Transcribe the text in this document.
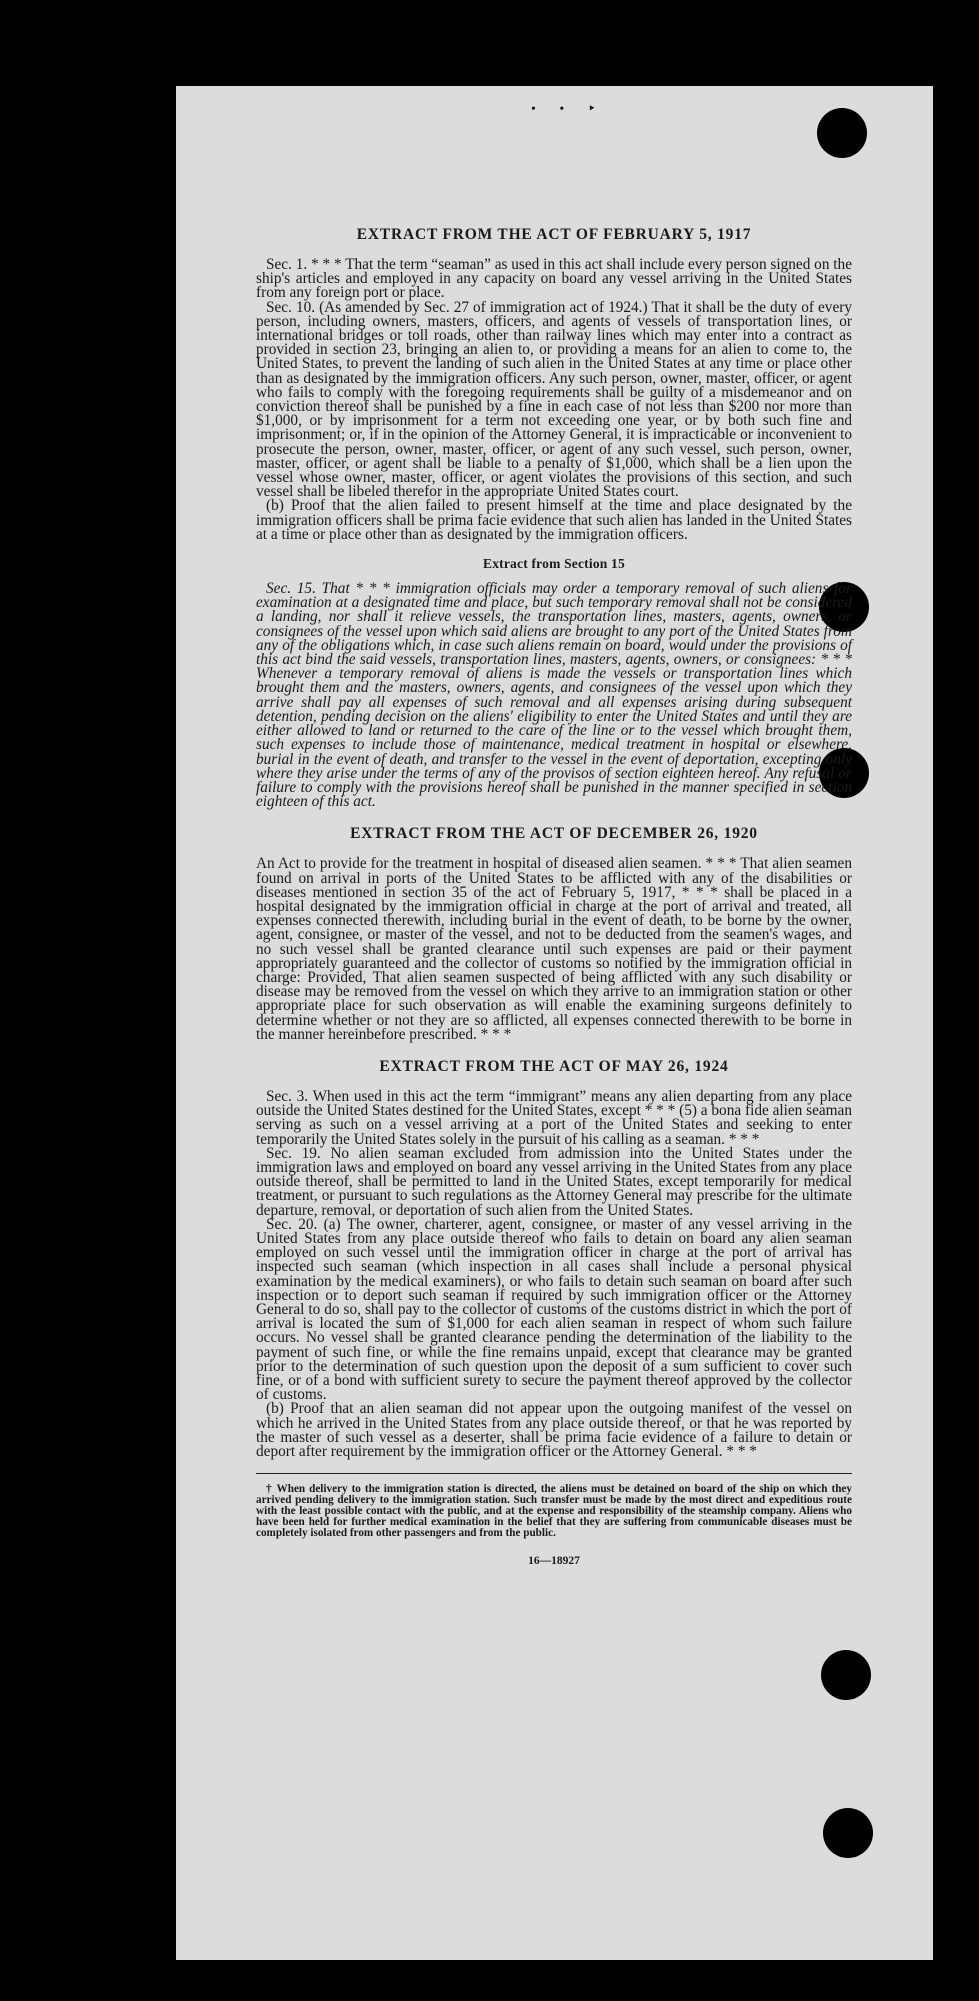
• • ‣
EXTRACT FROM THE ACT OF FEBRUARY 5, 1917

Sec. 1. * * * That the term “seaman” as used in this act shall include every person signed on the ship's articles and employed in any capacity on board any vessel arriving in the United States from any foreign port or place.

Sec. 10. (As amended by Sec. 27 of immigration act of 1924.) That it shall be the duty of every person, including owners, masters, officers, and agents of vessels of transportation lines, or international bridges or toll roads, other than railway lines which may enter into a contract as provided in section 23, bringing an alien to, or providing a means for an alien to come to, the United States, to prevent the landing of such alien in the United States at any time or place other than as designated by the immigration officers. Any such person, owner, master, officer, or agent who fails to comply with the foregoing requirements shall be guilty of a misdemeanor and on conviction thereof shall be punished by a fine in each case of not less than $200 nor more than $1,000, or by imprisonment for a term not exceeding one year, or by both such fine and imprisonment; or, if in the opinion of the Attorney General, it is impracticable or inconvenient to prosecute the person, owner, master, officer, or agent of any such vessel, such person, owner, master, officer, or agent shall be liable to a penalty of $1,000, which shall be a lien upon the vessel whose owner, master, officer, or agent violates the provisions of this section, and such vessel shall be libeled therefor in the appropriate United States court.

(b) Proof that the alien failed to present himself at the time and place designated by the immigration officers shall be prima facie evidence that such alien has landed in the United States at a time or place other than as designated by the immigration officers.

Extract from Section 15

Sec. 15. That * * * immigration officials may order a temporary removal of such aliens for examination at a designated time and place, but such temporary removal shall not be considered a landing, nor shall it relieve vessels, the transportation lines, masters, agents, owners, or consignees of the vessel upon which said aliens are brought to any port of the United States from any of the obligations which, in case such aliens remain on board, would under the provisions of this act bind the said vessels, transportation lines, masters, agents, owners, or consignees: * * * Whenever a temporary removal of aliens is made the vessels or transportation lines which brought them and the masters, owners, agents, and consignees of the vessel upon which they arrive shall pay all expenses of such removal and all expenses arising during subsequent detention, pending decision on the aliens' eligibility to enter the United States and until they are either allowed to land or returned to the care of the line or to the vessel which brought them, such expenses to include those of maintenance, medical treatment in hospital or elsewhere, burial in the event of death, and transfer to the vessel in the event of deportation, excepting only where they arise under the terms of any of the provisos of section eighteen hereof. Any refusal or failure to comply with the provisions hereof shall be punished in the manner specified in section eighteen of this act.

EXTRACT FROM THE ACT OF DECEMBER 26, 1920

An Act to provide for the treatment in hospital of diseased alien seamen. * * * That alien seamen found on arrival in ports of the United States to be afflicted with any of the disabilities or diseases mentioned in section 35 of the act of February 5, 1917, * * * shall be placed in a hospital designated by the immigration official in charge at the port of arrival and treated, all expenses connected therewith, including burial in the event of death, to be borne by the owner, agent, consignee, or master of the vessel, and not to be deducted from the seamen's wages, and no such vessel shall be granted clearance until such expenses are paid or their payment appropriately guaranteed and the collector of customs so notified by the immigration official in charge: Provided, That alien seamen suspected of being afflicted with any such disability or disease may be removed from the vessel on which they arrive to an immigration station or other appropriate place for such observation as will enable the examining surgeons definitely to determine whether or not they are so afflicted, all expenses connected therewith to be borne in the manner hereinbefore prescribed. * * *

EXTRACT FROM THE ACT OF MAY 26, 1924

Sec. 3. When used in this act the term “immigrant” means any alien departing from any place outside the United States destined for the United States, except * * * (5) a bona fide alien seaman serving as such on a vessel arriving at a port of the United States and seeking to enter temporarily the United States solely in the pursuit of his calling as a seaman. * * *

Sec. 19. No alien seaman excluded from admission into the United States under the immigration laws and employed on board any vessel arriving in the United States from any place outside thereof, shall be permitted to land in the United States, except temporarily for medical treatment, or pursuant to such regulations as the Attorney General may prescribe for the ultimate departure, removal, or deportation of such alien from the United States.

Sec. 20. (a) The owner, charterer, agent, consignee, or master of any vessel arriving in the United States from any place outside thereof who fails to detain on board any alien seaman employed on such vessel until the immigration officer in charge at the port of arrival has inspected such seaman (which inspection in all cases shall include a personal physical examination by the medical examiners), or who fails to detain such seaman on board after such inspection or to deport such seaman if required by such immigration officer or the Attorney General to do so, shall pay to the collector of customs of the customs district in which the port of arrival is located the sum of $1,000 for each alien seaman in respect of whom such failure occurs. No vessel shall be granted clearance pending the determination of the liability to the payment of such fine, or while the fine remains unpaid, except that clearance may be granted prior to the determination of such question upon the deposit of a sum sufficient to cover such fine, or of a bond with sufficient surety to secure the payment thereof approved by the collector of customs.

(b) Proof that an alien seaman did not appear upon the outgoing manifest of the vessel on which he arrived in the United States from any place outside thereof, or that he was reported by the master of such vessel as a deserter, shall be prima facie evidence of a failure to detain or deport after requirement by the immigration officer or the Attorney General. * * *

† When delivery to the immigration station is directed, the aliens must be detained on board of the ship on which they arrived pending delivery to the immigration station. Such transfer must be made by the most direct and expeditious route with the least possible contact with the public, and at the expense and responsibility of the steamship company. Aliens who have been held for further medical examination in the belief that they are suffering from communicable diseases must be completely isolated from other passengers and from the public.

16—18927
